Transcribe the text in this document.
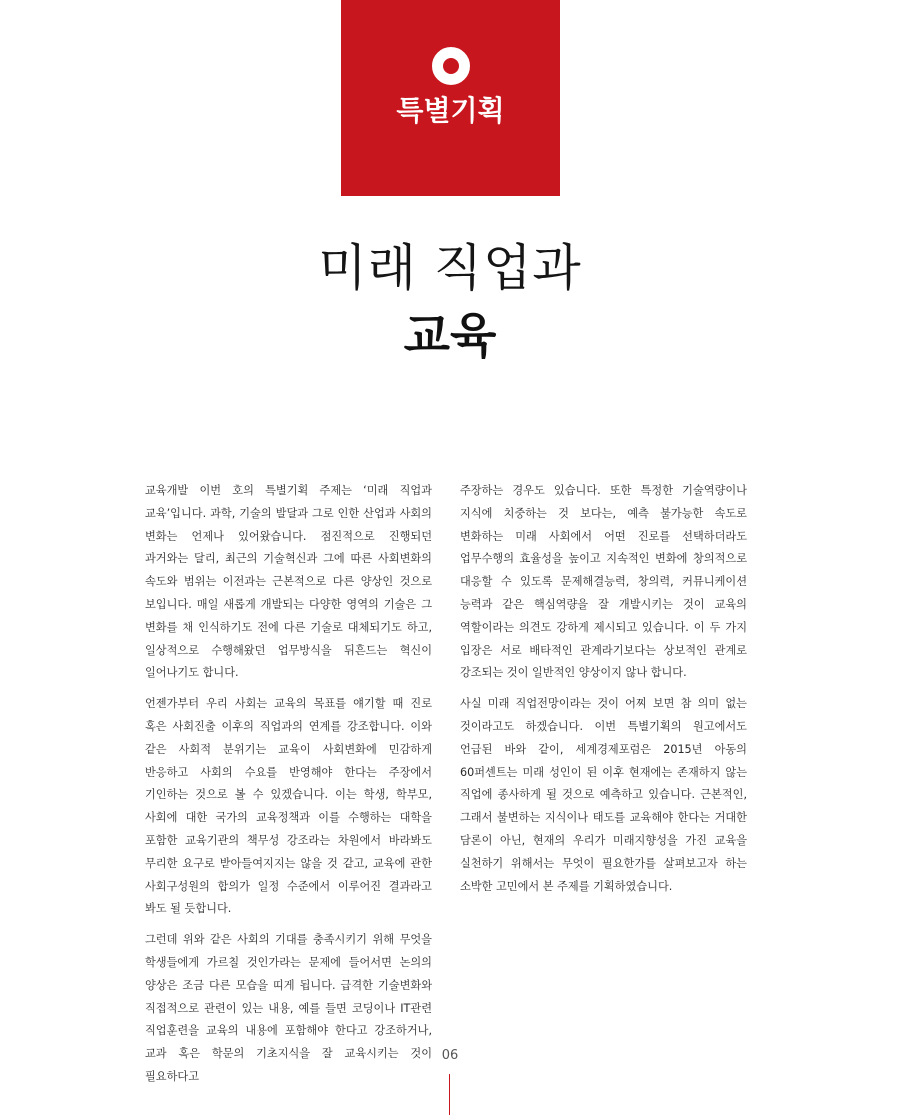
특별기획
미래 직업과
교육

교육개발 이번 호의 특별기획 주제는 ‘미래 직업과 교육’입니다. 과학, 기술의 발달과 그로 인한 산업과 사회의 변화는 언제나 있어왔습니다. 점진적으로 진행되던 과거와는 달리, 최근의 기술혁신과 그에 따른 사회변화의 속도와 범위는 이전과는 근본적으로 다른 양상인 것으로 보입니다. 매일 새롭게 개발되는 다양한 영역의 기술은 그 변화를 채 인식하기도 전에 다른 기술로 대체되기도 하고, 일상적으로 수행해왔던 업무방식을 뒤흔드는 혁신이 일어나기도 합니다.

언젠가부터 우리 사회는 교육의 목표를 얘기할 때 진로 혹은 사회진출 이후의 직업과의 연계를 강조합니다. 이와 같은 사회적 분위기는 교육이 사회변화에 민감하게 반응하고 사회의 수요를 반영해야 한다는 주장에서 기인하는 것으로 볼 수 있겠습니다. 이는 학생, 학부모, 사회에 대한 국가의 교육정책과 이를 수행하는 대학을 포함한 교육기관의 책무성 강조라는 차원에서 바라봐도 무리한 요구로 받아들여지지는 않을 것 같고, 교육에 관한 사회구성원의 합의가 일정 수준에서 이루어진 결과라고 봐도 될 듯합니다.

그런데 위와 같은 사회의 기대를 충족시키기 위해 무엇을 학생들에게 가르칠 것인가라는 문제에 들어서면 논의의 양상은 조금 다른 모습을 띠게 됩니다. 급격한 기술변화와 직접적으로 관련이 있는 내용, 예를 들면 코딩이나 IT관련 직업훈련을 교육의 내용에 포함해야 한다고 강조하거나, 교과 혹은 학문의 기초지식을 잘 교육시키는 것이 필요하다고

주장하는 경우도 있습니다. 또한 특정한 기술역량이나 지식에 치중하는 것 보다는, 예측 불가능한 속도로 변화하는 미래 사회에서 어떤 진로를 선택하더라도 업무수행의 효율성을 높이고 지속적인 변화에 창의적으로 대응할 수 있도록 문제해결능력, 창의력, 커뮤니케이션 능력과 같은 핵심역량을 잘 개발시키는 것이 교육의 역할이라는 의견도 강하게 제시되고 있습니다. 이 두 가지 입장은 서로 배타적인 관계라기보다는 상보적인 관계로 강조되는 것이 일반적인 양상이지 않나 합니다.

사실 미래 직업전망이라는 것이 어찌 보면 참 의미 없는 것이라고도 하겠습니다. 이번 특별기획의 원고에서도 언급된 바와 같이, 세계경제포럼은 2015년 아동의 60퍼센트는 미래 성인이 된 이후 현재에는 존재하지 않는 직업에 종사하게 될 것으로 예측하고 있습니다. 근본적인, 그래서 불변하는 지식이나 태도를 교육해야 한다는 거대한 담론이 아닌, 현재의 우리가 미래지향성을 가진 교육을 실천하기 위해서는 무엇이 필요한가를 살펴보고자 하는 소박한 고민에서 본 주제를 기획하였습니다.

06
